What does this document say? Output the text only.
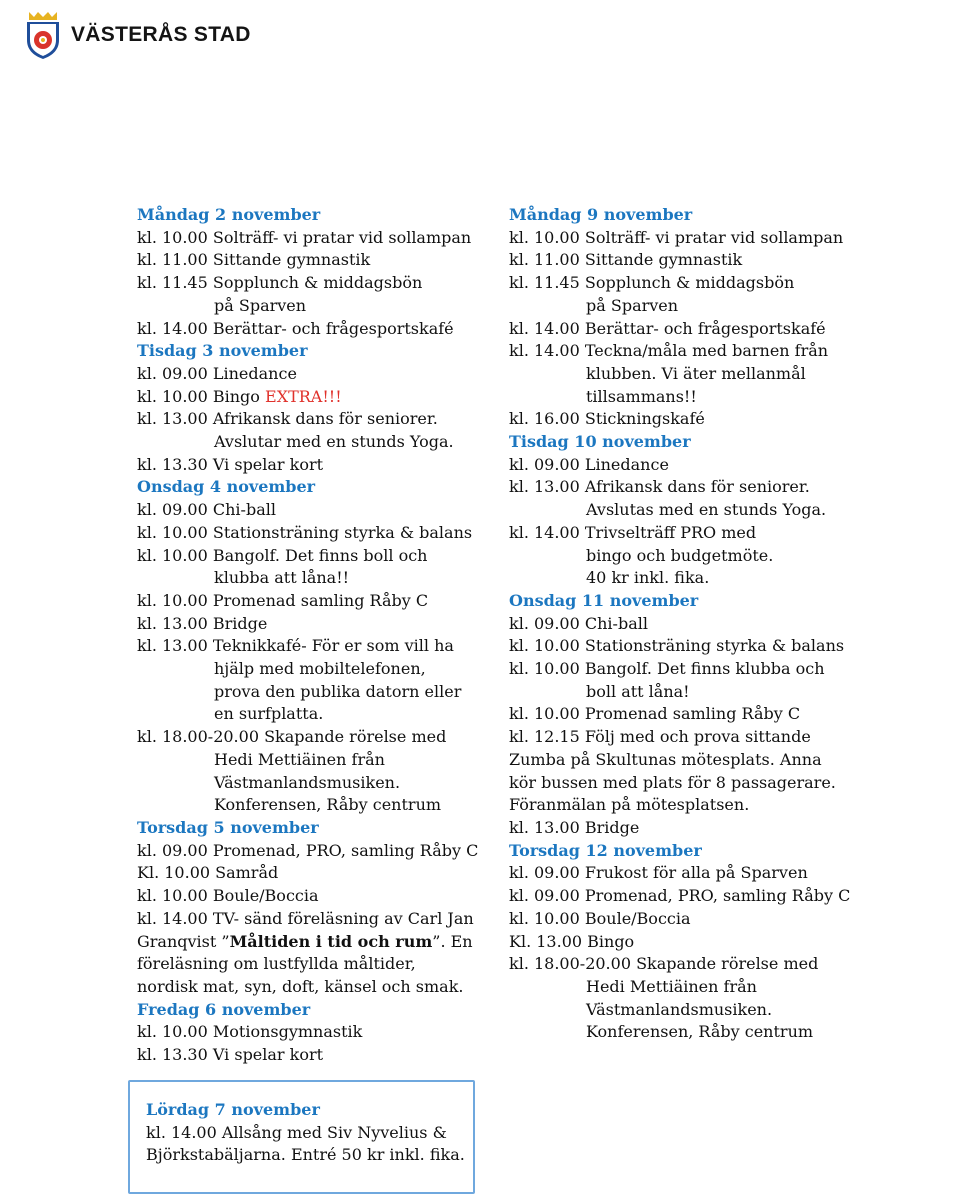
VÄSTERÅS STAD
Måndag 2 november
kl. 10.00 Solträff- vi pratar vid sollampan
kl. 11.00 Sittande gymnastik
kl. 11.45 Sopplunch & middagsbön
på Sparven
kl. 14.00 Berättar- och frågesportskafé
Tisdag 3 november
kl. 09.00 Linedance
kl. 10.00 Bingo EXTRA!!!
kl. 13.00 Afrikansk dans för seniorer.
Avslutar med en stunds Yoga.
kl. 13.30 Vi spelar kort
Onsdag 4 november
kl. 09.00 Chi-ball
kl. 10.00 Stationsträning styrka & balans
kl. 10.00 Bangolf. Det finns boll och
klubba att låna!!
kl. 10.00 Promenad samling Råby C
kl. 13.00 Bridge
kl. 13.00 Teknikkafé- För er som vill ha
hjälp med mobiltelefonen,
prova den publika datorn eller
en surfplatta.
kl. 18.00-20.00 Skapande rörelse med
Hedi Mettiäinen från
Västmanlandsmusiken.
Konferensen, Råby centrum
Torsdag 5 november
kl. 09.00 Promenad, PRO, samling Råby C
Kl. 10.00 Samråd
kl. 10.00 Boule/Boccia
kl. 14.00 TV- sänd föreläsning av Carl Jan
Granqvist ”Måltiden i tid och rum”. En
föreläsning om lustfyllda måltider,
nordisk mat, syn, doft, känsel och smak.
Fredag 6 november
kl. 10.00 Motionsgymnastik
kl. 13.30 Vi spelar kort
Måndag 9 november
kl. 10.00 Solträff- vi pratar vid sollampan
kl. 11.00 Sittande gymnastik
kl. 11.45 Sopplunch & middagsbön
på Sparven
kl. 14.00 Berättar- och frågesportskafé
kl. 14.00 Teckna/måla med barnen från
klubben. Vi äter mellanmål
tillsammans!!
kl. 16.00 Stickningskafé
Tisdag 10 november
kl. 09.00 Linedance
kl. 13.00 Afrikansk dans för seniorer.
Avslutas med en stunds Yoga.
kl. 14.00 Trivselträff PRO med
bingo och budgetmöte.
40 kr inkl. fika.
Onsdag 11 november
kl. 09.00 Chi-ball
kl. 10.00 Stationsträning styrka & balans
kl. 10.00 Bangolf. Det finns klubba och
boll att låna!
kl. 10.00 Promenad samling Råby C
kl. 12.15 Följ med och prova sittande
Zumba på Skultunas mötesplats. Anna
kör bussen med plats för 8 passagerare.
Föranmälan på mötesplatsen.
kl. 13.00 Bridge
Torsdag 12 november
kl. 09.00 Frukost för alla på Sparven
kl. 09.00 Promenad, PRO, samling Råby C
kl. 10.00 Boule/Boccia
Kl. 13.00 Bingo
kl. 18.00-20.00 Skapande rörelse med
Hedi Mettiäinen från
Västmanlandsmusiken.
Konferensen, Råby centrum
Lördag 7 november
kl. 14.00 Allsång med Siv Nyvelius &
Björkstabäljarna. Entré 50 kr inkl. fika.
